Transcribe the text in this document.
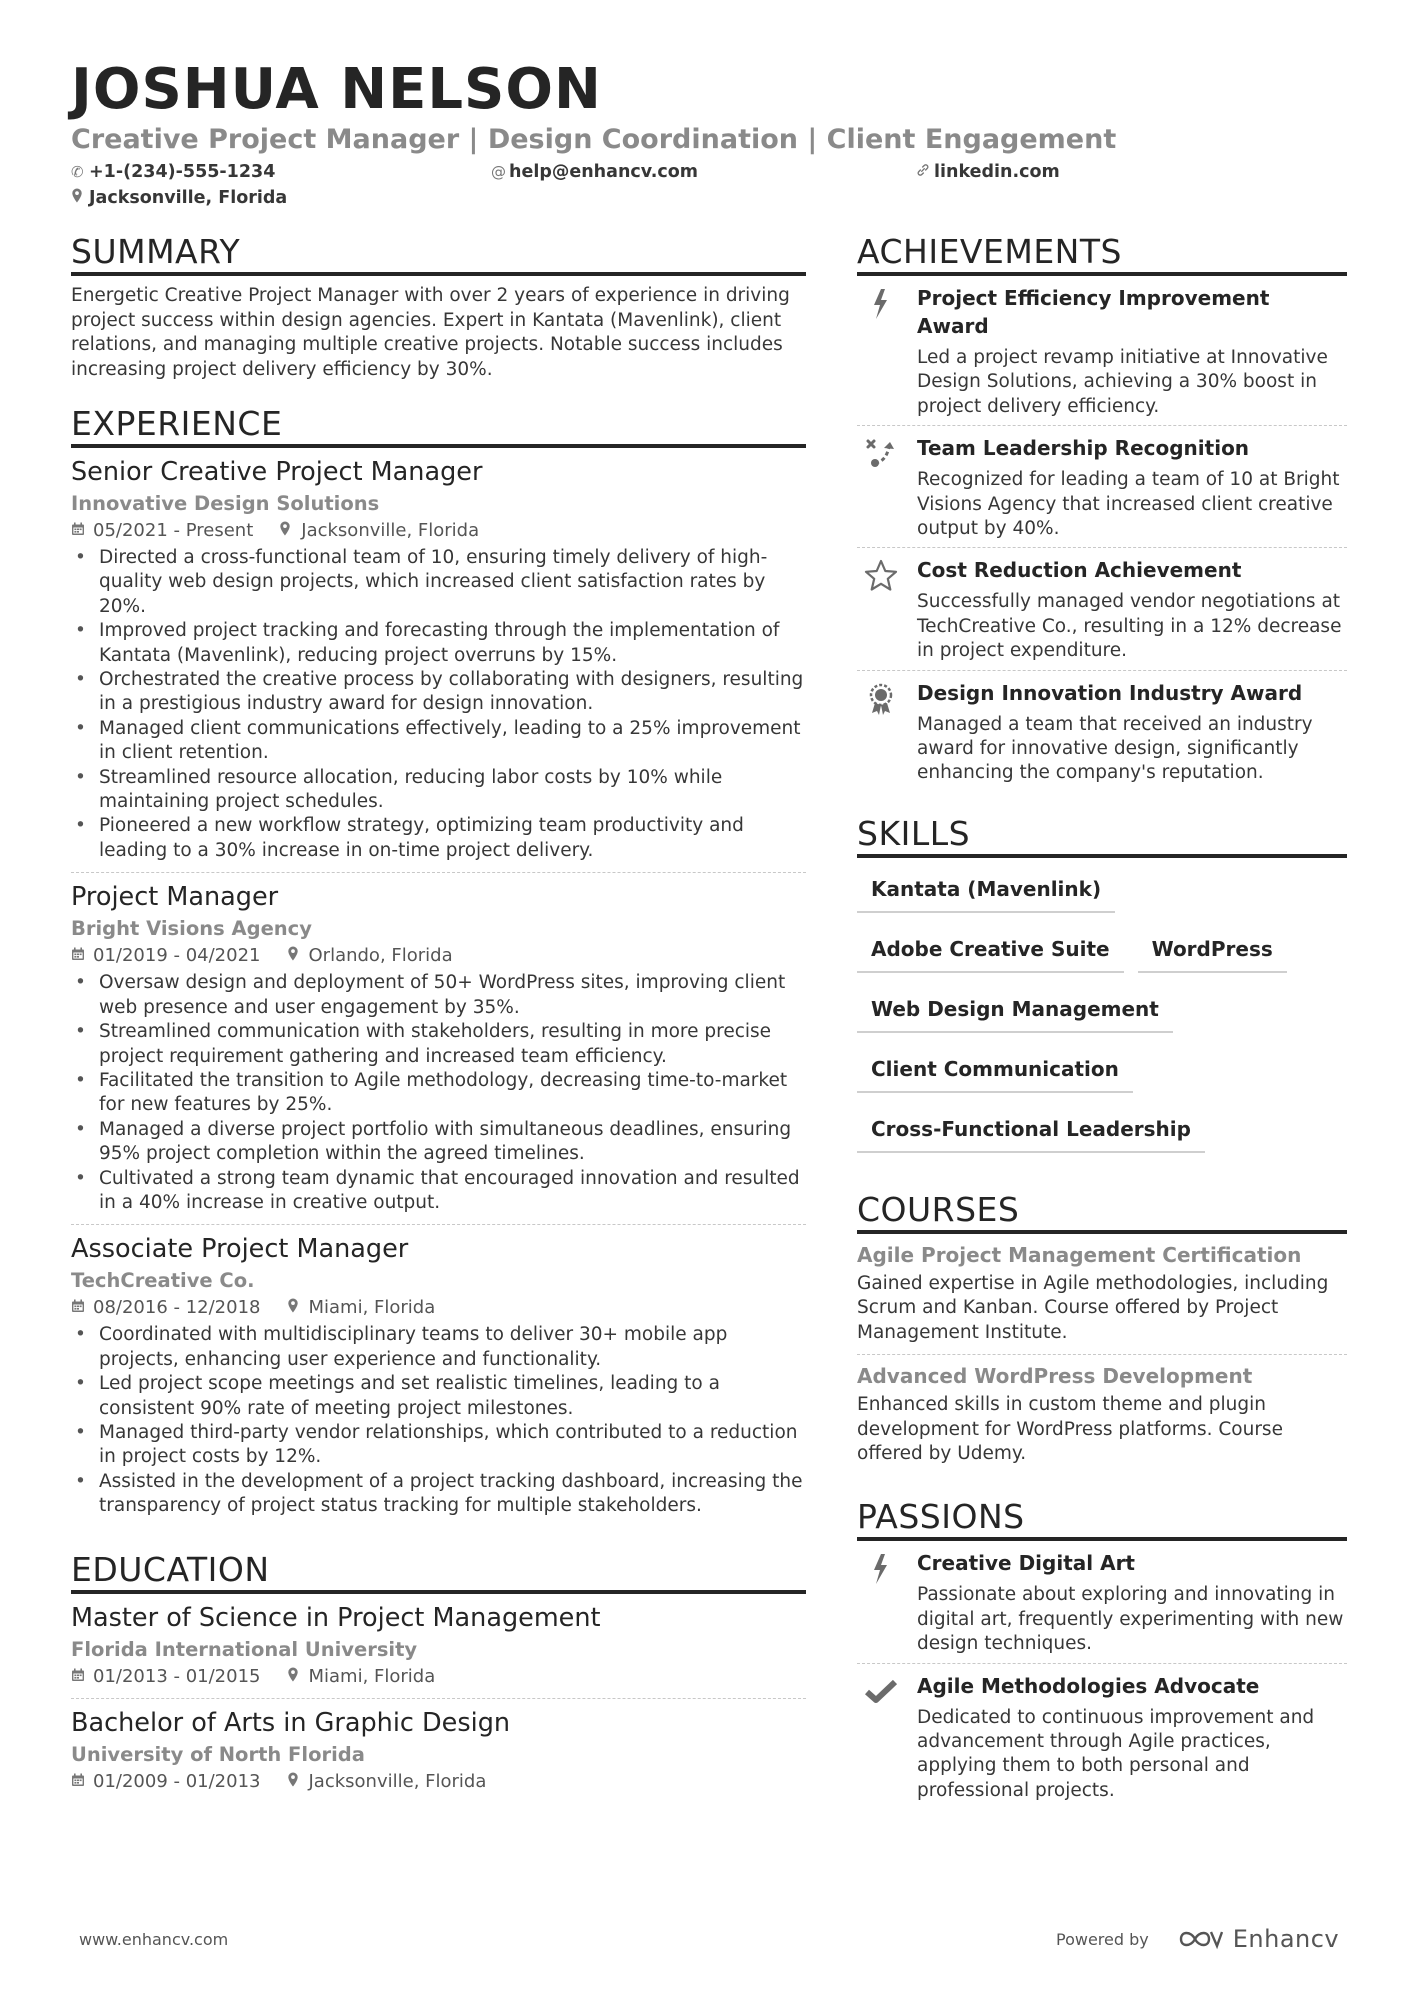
JOSHUA NELSON
Creative Project Manager | Design Coordination | Client Engagement
✆ +1-(234)-555-1234	@ help@enhancv.com	linkedin.com
Jacksonville, Florida
SUMMARY
Energetic Creative Project Manager with over 2 years of experience in driving project success within design agencies. Expert in Kantata (Mavenlink), client relations, and managing multiple creative projects. Notable success includes increasing project delivery efficiency by 30%.
EXPERIENCE
Senior Creative Project Manager
Innovative Design Solutions
05/2021 - Present	Jacksonville, Florida
• Directed a cross-functional team of 10, ensuring timely delivery of high-quality web design projects, which increased client satisfaction rates by 20%.
• Improved project tracking and forecasting through the implementation of Kantata (Mavenlink), reducing project overruns by 15%.
• Orchestrated the creative process by collaborating with designers, resulting in a prestigious industry award for design innovation.
• Managed client communications effectively, leading to a 25% improvement in client retention.
• Streamlined resource allocation, reducing labor costs by 10% while maintaining project schedules.
• Pioneered a new workflow strategy, optimizing team productivity and leading to a 30% increase in on-time project delivery.
Project Manager
Bright Visions Agency
01/2019 - 04/2021	Orlando, Florida
• Oversaw design and deployment of 50+ WordPress sites, improving client web presence and user engagement by 35%.
• Streamlined communication with stakeholders, resulting in more precise project requirement gathering and increased team efficiency.
• Facilitated the transition to Agile methodology, decreasing time-to-market for new features by 25%.
• Managed a diverse project portfolio with simultaneous deadlines, ensuring 95% project completion within the agreed timelines.
• Cultivated a strong team dynamic that encouraged innovation and resulted in a 40% increase in creative output.
Associate Project Manager
TechCreative Co.
08/2016 - 12/2018	Miami, Florida
• Coordinated with multidisciplinary teams to deliver 30+ mobile app projects, enhancing user experience and functionality.
• Led project scope meetings and set realistic timelines, leading to a consistent 90% rate of meeting project milestones.
• Managed third-party vendor relationships, which contributed to a reduction in project costs by 12%.
• Assisted in the development of a project tracking dashboard, increasing the transparency of project status tracking for multiple stakeholders.
EDUCATION
Master of Science in Project Management
Florida International University
01/2013 - 01/2015	Miami, Florida
Bachelor of Arts in Graphic Design
University of North Florida
01/2009 - 01/2013	Jacksonville, Florida
ACHIEVEMENTS
Project Efficiency Improvement Award
Led a project revamp initiative at Innovative Design Solutions, achieving a 30% boost in project delivery efficiency.
Team Leadership Recognition
Recognized for leading a team of 10 at Bright Visions Agency that increased client creative output by 40%.
Cost Reduction Achievement
Successfully managed vendor negotiations at TechCreative Co., resulting in a 12% decrease in project expenditure.
Design Innovation Industry Award
Managed a team that received an industry award for innovative design, significantly enhancing the company's reputation.
SKILLS
Kantata (Mavenlink)
Adobe Creative Suite	WordPress
Web Design Management
Client Communication
Cross-Functional Leadership
COURSES
Agile Project Management Certification
Gained expertise in Agile methodologies, including Scrum and Kanban. Course offered by Project Management Institute.
Advanced WordPress Development
Enhanced skills in custom theme and plugin development for WordPress platforms. Course offered by Udemy.
PASSIONS
Creative Digital Art
Passionate about exploring and innovating in digital art, frequently experimenting with new design techniques.
Agile Methodologies Advocate
Dedicated to continuous improvement and advancement through Agile practices, applying them to both personal and professional projects.
www.enhancv.com	Powered by	Enhancv
